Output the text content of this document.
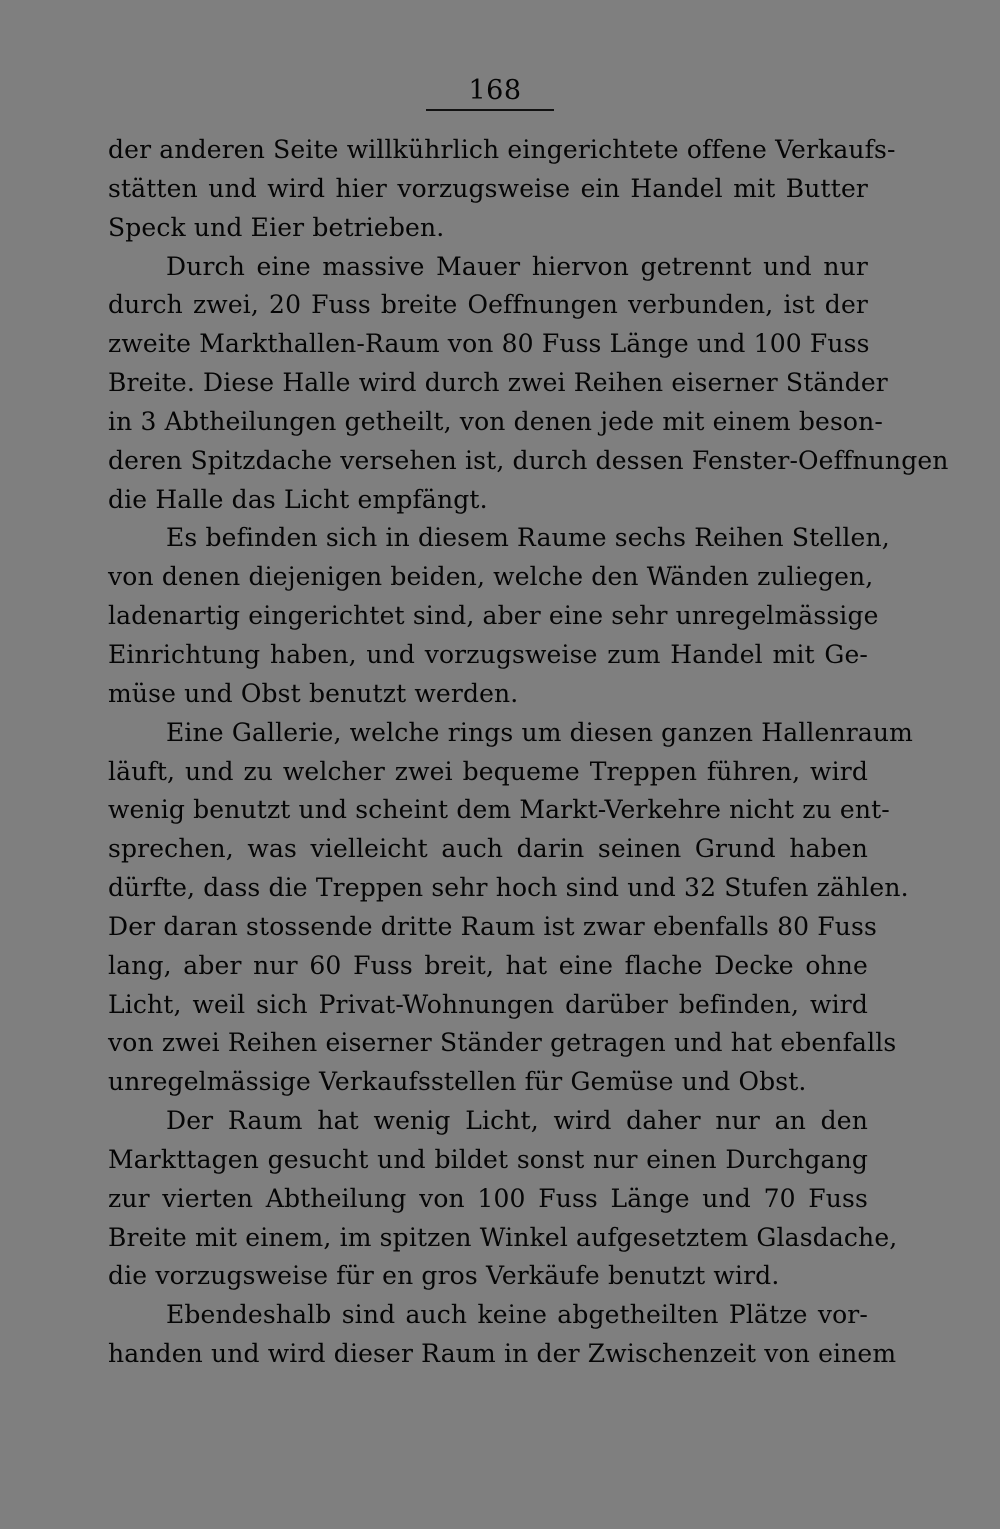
168
der anderen Seite willkührlich eingerichtete offene Verkaufs-
stätten und wird hier vorzugsweise ein Handel mit Butter
Speck und Eier betrieben.
Durch eine massive Mauer hiervon getrennt und nur
durch zwei, 20 Fuss breite Oeffnungen verbunden, ist der
zweite Markthallen-Raum von 80 Fuss Länge und 100 Fuss
Breite. Diese Halle wird durch zwei Reihen eiserner Ständer
in 3 Abtheilungen getheilt, von denen jede mit einem beson-
deren Spitzdache versehen ist, durch dessen Fenster-Oeffnungen
die Halle das Licht empfängt.
Es befinden sich in diesem Raume sechs Reihen Stellen,
von denen diejenigen beiden, welche den Wänden zuliegen,
ladenartig eingerichtet sind, aber eine sehr unregelmässige
Einrichtung haben, und vorzugsweise zum Handel mit Ge-
müse und Obst benutzt werden.
Eine Gallerie, welche rings um diesen ganzen Hallenraum
läuft, und zu welcher zwei bequeme Treppen führen, wird
wenig benutzt und scheint dem Markt-Verkehre nicht zu ent-
sprechen, was vielleicht auch darin seinen Grund haben
dürfte, dass die Treppen sehr hoch sind und 32 Stufen zählen.
Der daran stossende dritte Raum ist zwar ebenfalls 80 Fuss
lang, aber nur 60 Fuss breit, hat eine flache Decke ohne
Licht, weil sich Privat-Wohnungen darüber befinden, wird
von zwei Reihen eiserner Ständer getragen und hat ebenfalls
unregelmässige Verkaufsstellen für Gemüse und Obst.
Der Raum hat wenig Licht, wird daher nur an den
Markttagen gesucht und bildet sonst nur einen Durchgang
zur vierten Abtheilung von 100 Fuss Länge und 70 Fuss
Breite mit einem, im spitzen Winkel aufgesetztem Glasdache,
die vorzugsweise für en gros Verkäufe benutzt wird.
Ebendeshalb sind auch keine abgetheilten Plätze vor-
handen und wird dieser Raum in der Zwischenzeit von einem
